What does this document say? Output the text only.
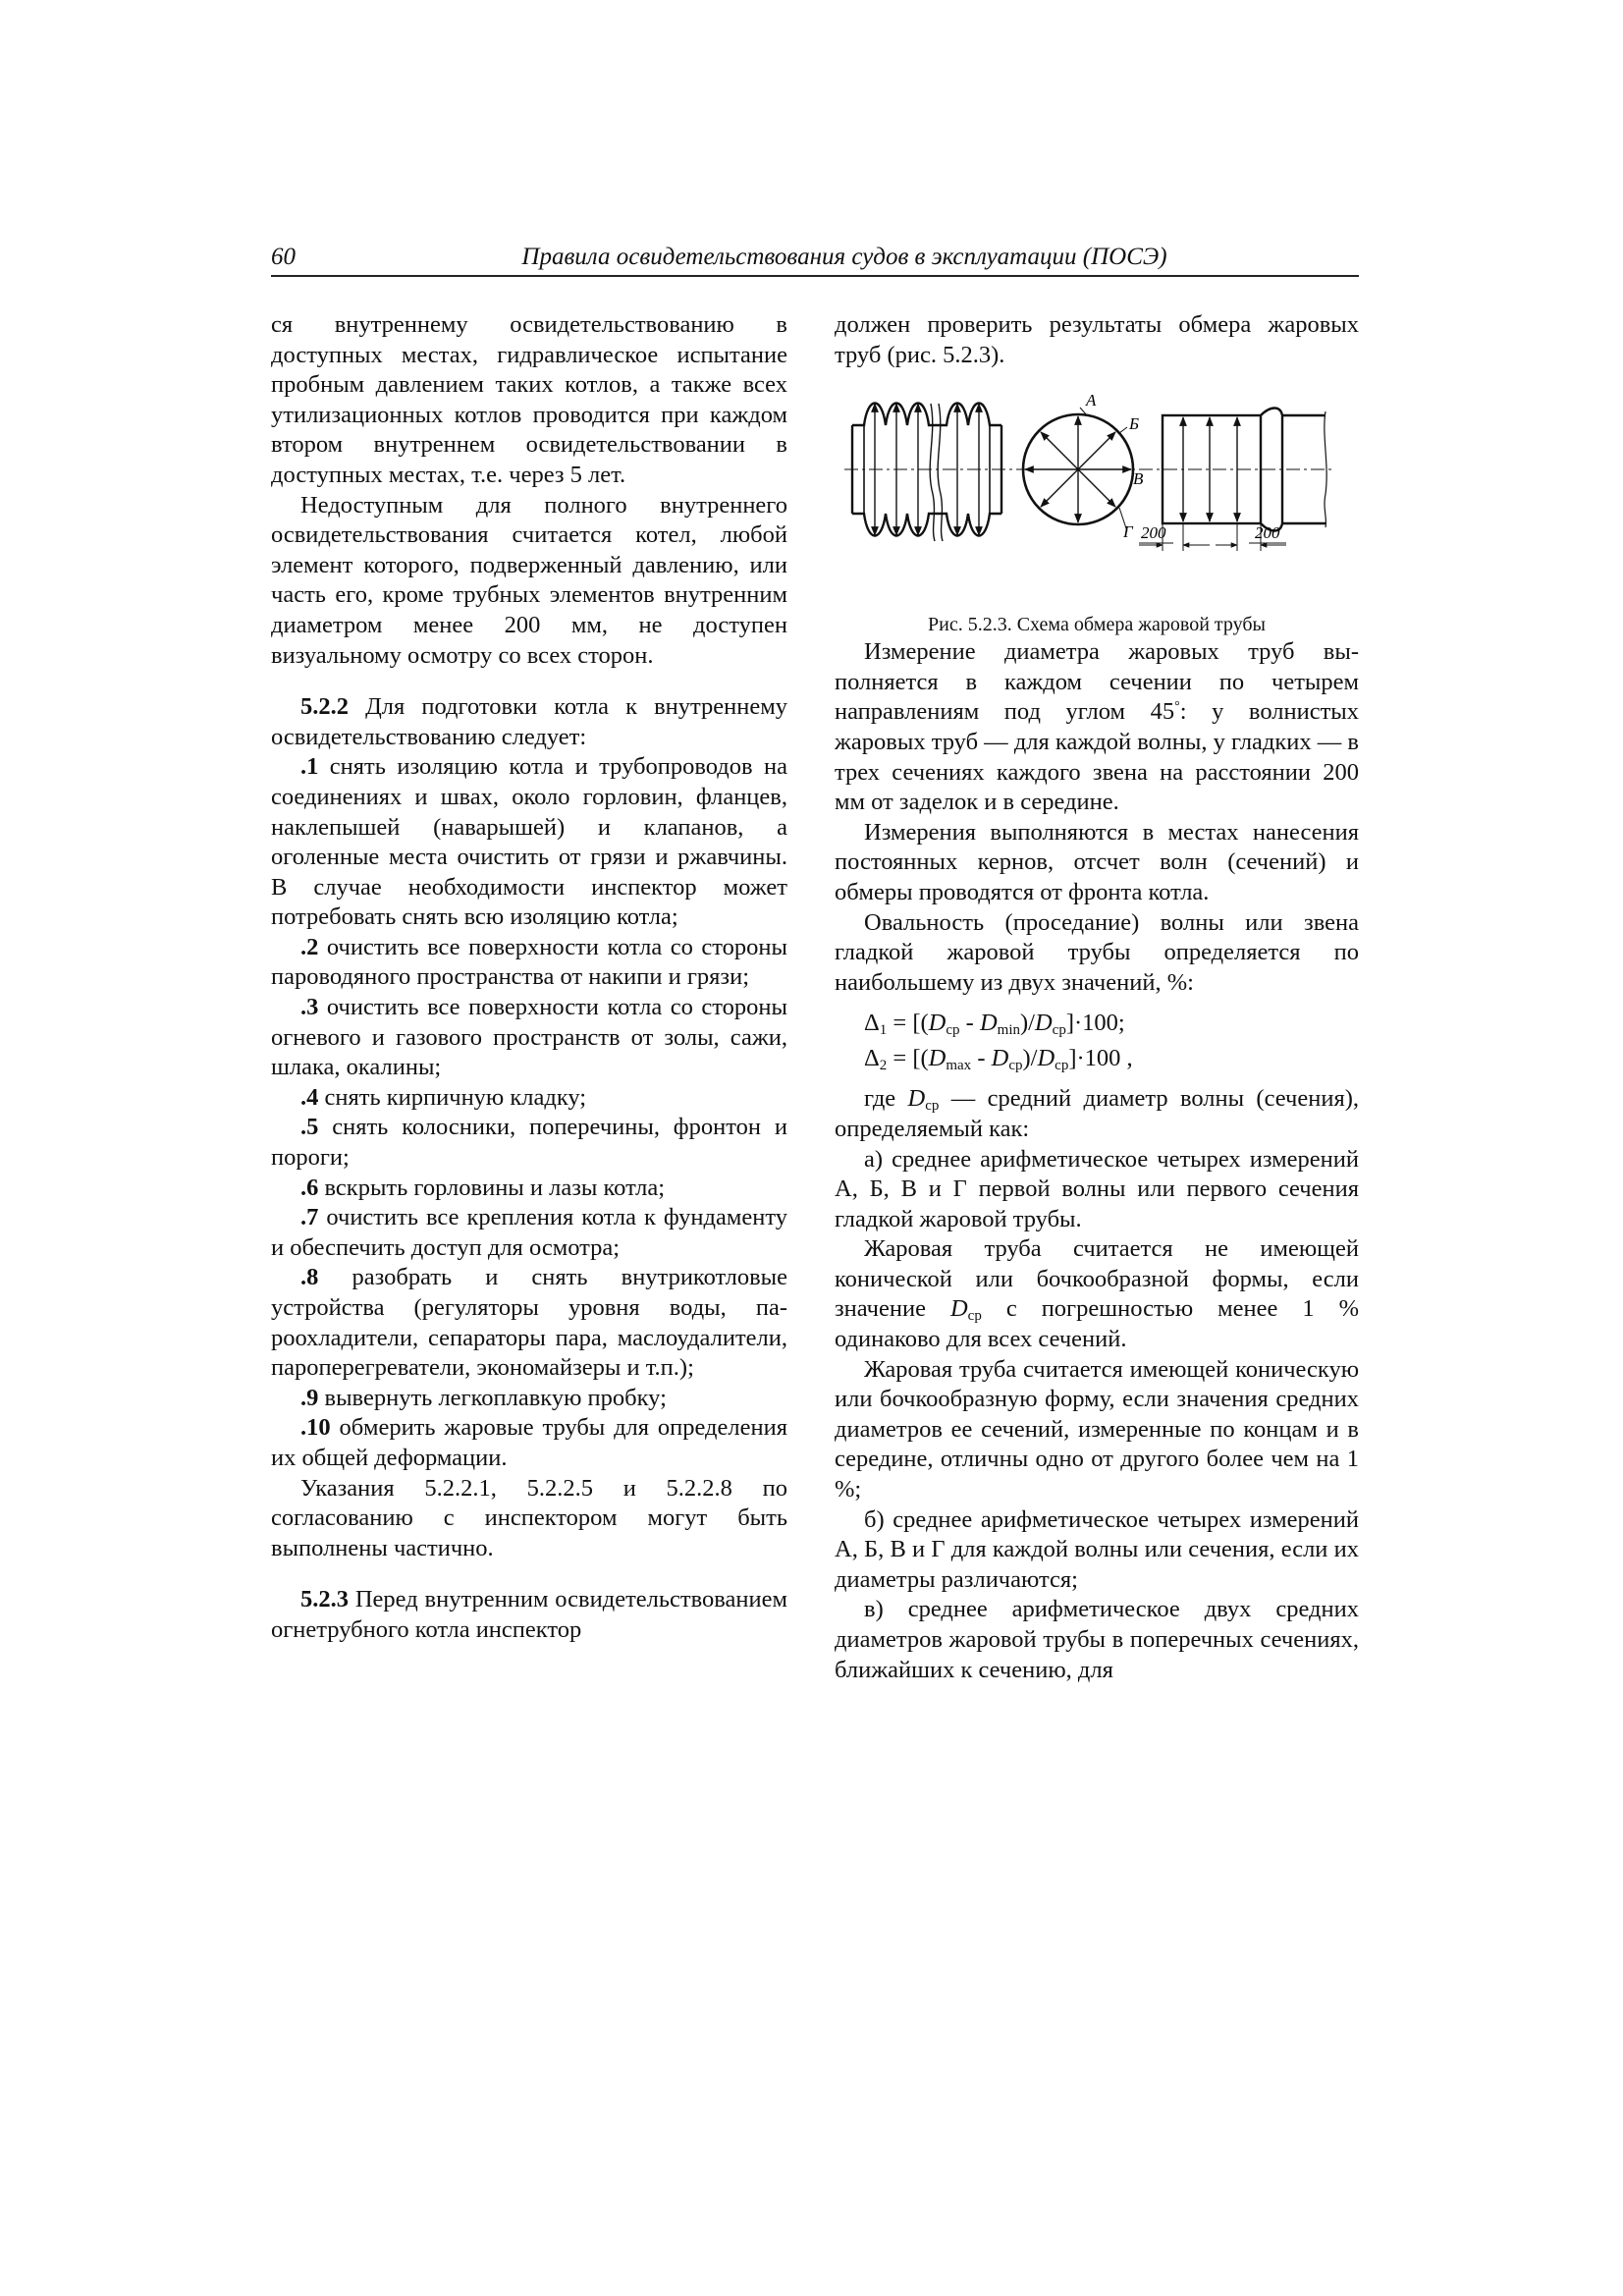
60	Правила освидетельствования судов в эксплуатации (ПОСЭ)

ся внутреннему освидетельствованию в доступных местах, гидравлическое испытание пробным давлением таких котлов, а также всех утилизационных котлов проводится при каждом втором внутреннем освидетельствовании в доступных местах, т.е. через 5 лет.

Недоступным для полного внутреннего освидетельствования считается котел, любой элемент которого, подверженный давлению, или часть его, кроме трубных элементов внутренним диаметром менее 200 мм, не доступен визуальному осмотру со всех сторон.

5.2.2 Для подготовки котла к внутреннему освидетельствованию следует:

.1 снять изоляцию котла и трубопроводов на соединениях и швах, около горловин, фланцев, наклепышей (наварышей) и клапанов, а оголенные места очистить от грязи и ржавчины. В случае необходимости инспектор может потребовать снять всю изоляцию котла;

.2 очистить все поверхности котла со стороны пароводяного пространства от накипи и грязи;

.3 очистить все поверхности котла со стороны огневого и газового пространств от золы, сажи, шлака, окалины;

.4 снять кирпичную кладку;

.5 снять колосники, поперечины, фронтон и пороги;

.6 вскрыть горловины и лазы котла;

.7 очистить все крепления котла к фундаменту и обеспечить доступ для осмотра;

.8 разобрать и снять внутрикотловые устройства (регуляторы уровня воды, пароохладители, сепараторы пара, маслоудалители, пароперегреватели, экономайзеры и т.п.);

.9 вывернуть легкоплавкую пробку;

.10 обмерить жаровые трубы для определения их общей деформации.

Указания 5.2.2.1, 5.2.2.5 и 5.2.2.8 по согласованию с инспектором могут быть выполнены частично.

5.2.3 Перед внутренним освидетельствованием огнетрубного котла инспектор

должен проверить результаты обмера жаровых труб (рис. 5.2.3).

А
Б
В
Г 200	200

Рис. 5.2.3. Схема обмера жаровой трубы

Измерение диаметра жаровых труб выполняется в каждом сечении по четырем направлениям под углом 45°: у волнистых жаровых труб — для каждой волны, у гладких — в трех сечениях каждого звена на расстоянии 200 мм от заделок и в середине.

Измерения выполняются в местах нанесения постоянных кернов, отсчет волн (сечений) и обмеры проводятся от фронта котла.

Овальность (проседание) волны или звена гладкой жаровой трубы определяется по наибольшему из двух значений, %:

$\Delta_1 = [(D_{ср} - D_{min})/D_{ср}]\cdot 100$;
$\Delta_2 = [(D_{max} - D_{ср})/D_{ср}]\cdot 100$ ,

где $D_{ср}$ — средний диаметр волны (сечения), определяемый как:

а) среднее арифметическое четырех измерений А, Б, В и Г первой волны или первого сечения гладкой жаровой трубы.

Жаровая труба считается не имеющей конической или бочкообразной формы, если значение $D_{ср}$ с погрешностью менее 1 % одинаково для всех сечений.

Жаровая труба считается имеющей коническую или бочкообразную форму, если значения средних диаметров ее сечений, измеренные по концам и в середине, отличны одно от другого более чем на 1 %;

б) среднее арифметическое четырех измерений А, Б, В и Г для каждой волны или сечения, если их диаметры различаются;

в) среднее арифметическое двух средних диаметров жаровой трубы в поперечных сечениях, ближайших к сечению, для
